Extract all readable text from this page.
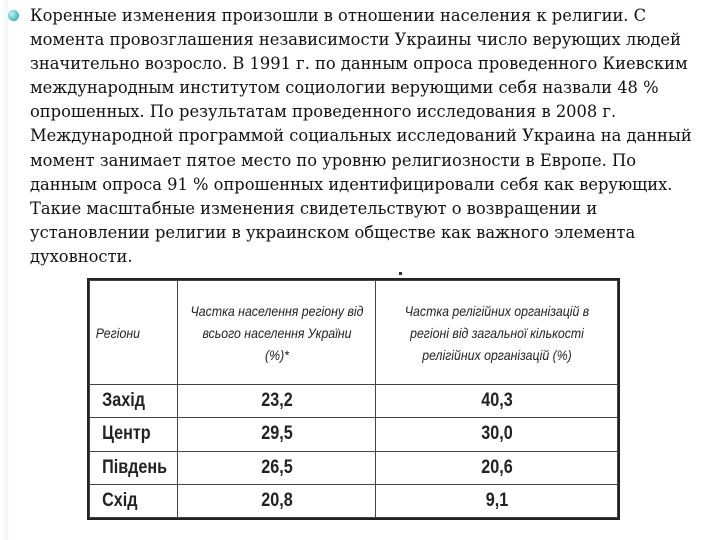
Коренные изменения произошли в отношении населения к религии. С момента провозглашения независимости Украины число верующих людей значительно возросло. В 1991 г. по данным опроса проведенного Киевским международным институтом социологии верующими себя назвали 48 % опрошенных. По результатам проведенного исследования в 2008 г. Международной программой социальных исследований Украина на данный момент занимает пятое место по уровню религиозности в Европе. По данным опроса 91 % опрошенных идентифицировали себя как верующих. Такие масштабные изменения свидетельствуют о возвращении и установлении религии в украинском обществе как важного элемента духовности.

Регіони	Частка населення регіону від всього населення України (%)*	Частка релігійних організацій в регіоні від загальної кількості релігійних організацій (%)
Захід	23,2	40,3
Центр	29,5	30,0
Південь	26,5	20,6
Схід	20,8	9,1
